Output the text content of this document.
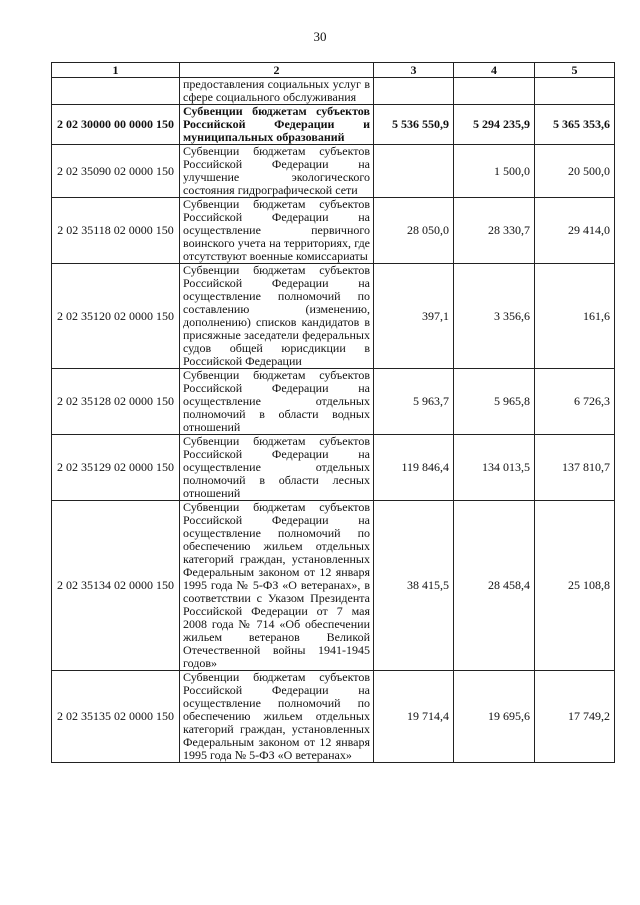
30
1	2	3	4	5
	предоставления социальных услуг в сфере социального обслуживания			
2 02 30000 00 0000 150	Субвенции бюджетам субъектов Российской Федерации и муниципальных образований	5 536 550,9	5 294 235,9	5 365 353,6
2 02 35090 02 0000 150	Субвенции бюджетам субъектов Российской Федерации на улучшение экологического состояния гидрографической сети		1 500,0	20 500,0
2 02 35118 02 0000 150	Субвенции бюджетам субъектов Российской Федерации на осуществление первичного воинского учета на территориях, где отсутствуют военные комиссариаты	28 050,0	28 330,7	29 414,0
2 02 35120 02 0000 150	Субвенции бюджетам субъектов Российской Федерации на осуществление полномочий по составлению (изменению, дополнению) списков кандидатов в присяжные заседатели федеральных судов общей юрисдикции в Российской Федерации	397,1	3 356,6	161,6
2 02 35128 02 0000 150	Субвенции бюджетам субъектов Российской Федерации на осуществление отдельных полномочий в области водных отношений	5 963,7	5 965,8	6 726,3
2 02 35129 02 0000 150	Субвенции бюджетам субъектов Российской Федерации на осуществление отдельных полномочий в области лесных отношений	119 846,4	134 013,5	137 810,7
2 02 35134 02 0000 150	Субвенции бюджетам субъектов Российской Федерации на осуществление полномочий по обеспечению жильем отдельных категорий граждан, установленных Федеральным законом от 12 января 1995 года № 5-ФЗ «О ветеранах», в соответствии с Указом Президента Российской Федерации от 7 мая 2008 года № 714 «Об обеспечении жильем ветеранов Великой Отечественной войны 1941-1945 годов»	38 415,5	28 458,4	25 108,8
2 02 35135 02 0000 150	Субвенции бюджетам субъектов Российской Федерации на осуществление полномочий по обеспечению жильем отдельных категорий граждан, установленных Федеральным законом от 12 января 1995 года № 5-ФЗ «О ветеранах»	19 714,4	19 695,6	17 749,2
